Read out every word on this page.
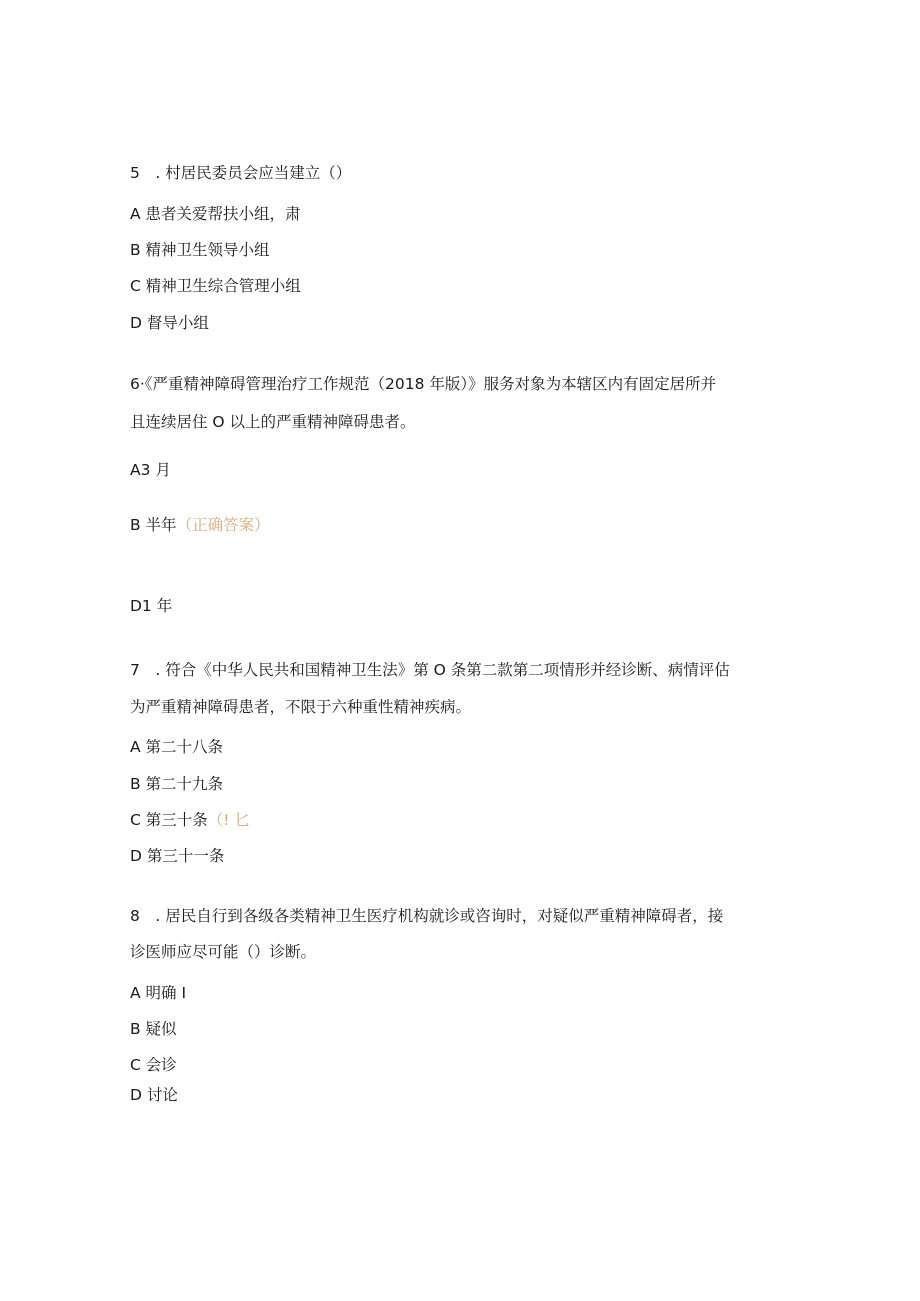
5　. 村居民委员会应当建立（）
A 患者关爱帮扶小组，肃
B 精神卫生领导小组
C 精神卫生综合管理小组
D 督导小组
6·《严重精神障碍管理治疗工作规范（2018 年版）》服务对象为本辖区内有固定居所并
且连续居住 O 以上的严重精神障碍患者。
A3 月
B 半年（正确答案）
D1 年
7　. 符合《中华人民共和国精神卫生法》第 O 条第二款第二项情形并经诊断、病情评估
为严重精神障碍患者，不限于六种重性精神疾病。
A 第二十八条
B 第二十九条
C 第三十条（! 匕
D 第三十一条
8　. 居民自行到各级各类精神卫生医疗机构就诊或咨询时，对疑似严重精神障碍者，接
诊医师应尽可能（）诊断。
A 明确 I
B 疑似
C 会诊
D 讨论
